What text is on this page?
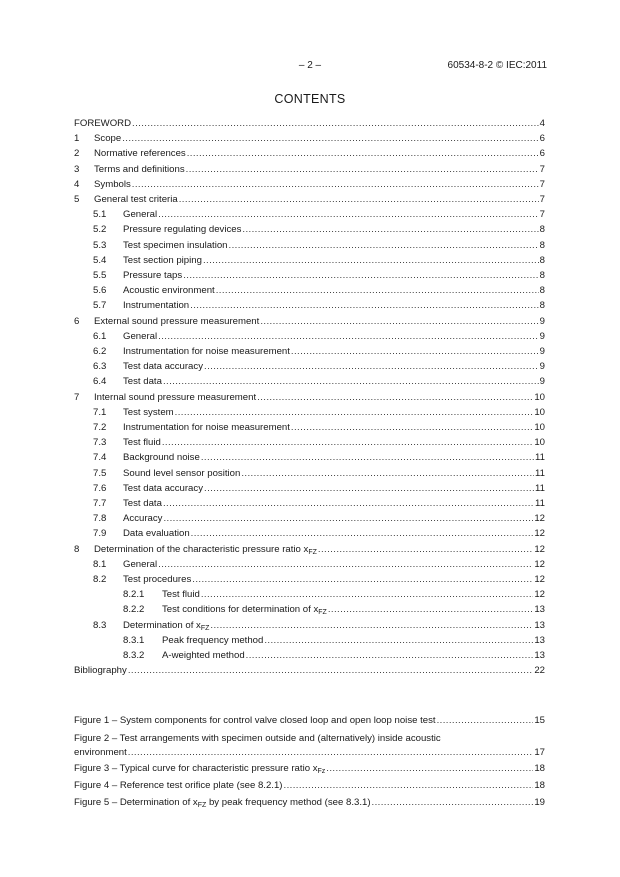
– 2 –	60534-8-2 © IEC:2011
CONTENTS
FOREWORD .....	4
1	Scope .....	6
2	Normative references .....	6
3	Terms and definitions .....	7
4	Symbols .....	7
5	General test criteria .....	7
5.1	General .....	7
5.2	Pressure regulating devices .....	8
5.3	Test specimen insulation .....	8
5.4	Test section piping .....	8
5.5	Pressure taps .....	8
5.6	Acoustic environment .....	8
5.7	Instrumentation .....	8
6	External sound pressure measurement .....	9
6.1	General .....	9
6.2	Instrumentation for noise measurement .....	9
6.3	Test data accuracy .....	9
6.4	Test data .....	9
7	Internal sound pressure measurement .....	10
7.1	Test system .....	10
7.2	Instrumentation for noise measurement .....	10
7.3	Test fluid .....	10
7.4	Background noise .....	11
7.5	Sound level sensor position .....	11
7.6	Test data accuracy .....	11
7.7	Test data .....	11
7.8	Accuracy .....	12
7.9	Data evaluation .....	12
8	Determination of the characteristic pressure ratio $x_{FZ}$ .....	12
8.1	General .....	12
8.2	Test procedures .....	12
8.2.1	Test fluid .....	12
8.2.2	Test conditions for determination of $x_{FZ}$ .....	13
8.3	Determination of $x_{FZ}$ .....	13
8.3.1	Peak frequency method .....	13
8.3.2	A-weighted method .....	13
Bibliography .....	22
Figure 1 – System components for control valve closed loop and open loop noise test .....	15
Figure 2 – Test arrangements with specimen outside and (alternatively) inside acoustic
environment .....	17
Figure 3 – Typical curve for characteristic pressure ratio $x_{Fz}$ .....	18
Figure 4 – Reference test orifice plate (see 8.2.1) .....	18
Figure 5 – Determination of $x_{FZ}$ by peak frequency method (see 8.3.1) .....	19
